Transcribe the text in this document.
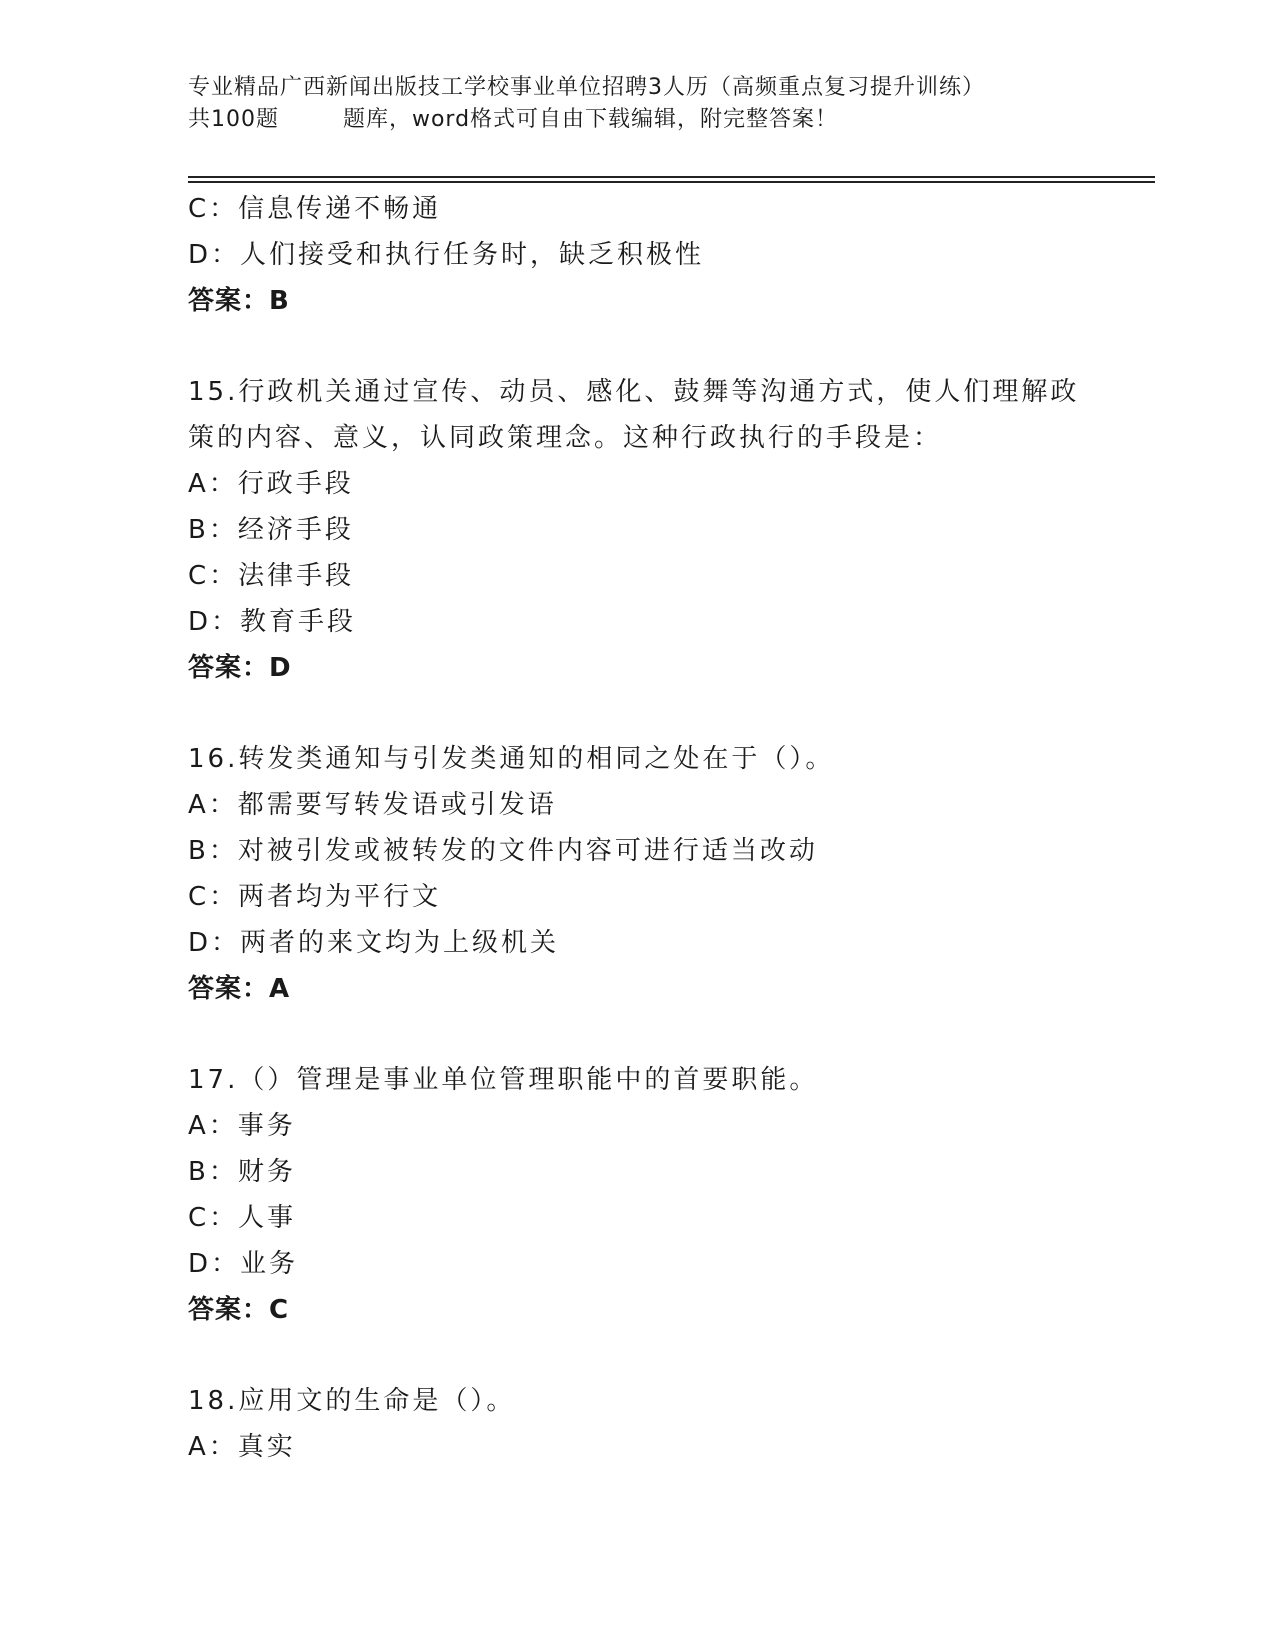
专业精品广西新闻出版技工学校事业单位招聘3人历（高频重点复习提升训练）
共100题	题库，word格式可自由下载编辑，附完整答案！
C：信息传递不畅通
D：人们接受和执行任务时，缺乏积极性
答案：B
15.行政机关通过宣传、动员、感化、鼓舞等沟通方式，使人们理解政
策的内容、意义，认同政策理念。这种行政执行的手段是：
A：行政手段
B：经济手段
C：法律手段
D：教育手段
答案：D
16.转发类通知与引发类通知的相同之处在于（）。
A：都需要写转发语或引发语
B：对被引发或被转发的文件内容可进行适当改动
C：两者均为平行文
D：两者的来文均为上级机关
答案：A
17.（）管理是事业单位管理职能中的首要职能。
A：事务
B：财务
C：人事
D：业务
答案：C
18.应用文的生命是（）。
A：真实
